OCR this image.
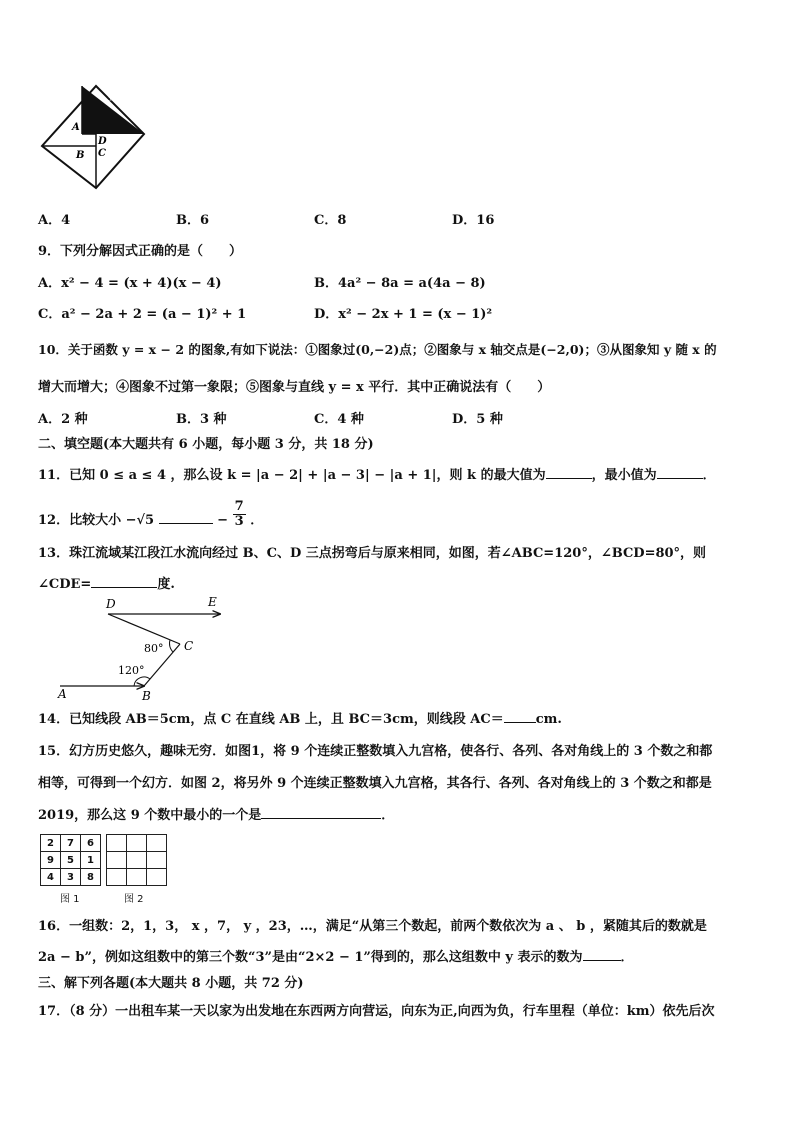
笠(c)
A
D
B C
A．4	B．6	C．8	D．16
9．下列分解因式正确的是（　　）
A．x² − 4 = (x + 4)(x − 4)	B．4a² − 8a = a(4a − 8)
C．a² − 2a + 2 = (a − 1)² + 1	D．x² − 2x + 1 = (x − 1)²
10．关于函数 y = x − 2 的图象,有如下说法：①图象过(0,−2)点；②图象与 x 轴交点是(−2,0)；③从图象知 y 随 x 的
增大而增大；④图象不过第一象限；⑤图象与直线 y = x 平行．其中正确说法有（　　）
A．2 种	B．3 种	C．4 种	D．5 种
二、填空题(本大题共有 6 小题，每小题 3 分，共 18 分)
11．已知 0 ≤ a ≤ 4 ，那么设 k = |a − 2| + |a − 3| − |a + 1|，则 k 的最大值为	，最小值为	．
12．比较大小 −√5	− $\frac{7}{3}$ ．
13．珠江流域某江段江水流向经过 B、C、D 三点拐弯后与原来相同，如图，若∠ABC=120°，∠BCD=80°，则
∠CDE=	度.
D	E
C
A	B
80°
120°
14．已知线段 AB＝5cm，点 C 在直线 AB 上，且 BC＝3cm，则线段 AC＝ cm.
15．幻方历史悠久，趣味无穷．如图1，将 9 个连续正整数填入九宫格，使各行、各列、各对角线上的 3 个数之和都
相等，可得到一个幻方．如图 2，将另外 9 个连续正整数填入九宫格，其各行、各列、各对角线上的 3 个数之和都是
2019，那么这 9 个数中最小的一个是	．
2	7	6
9	5	1
4	3	8

图 1	图 2
16．一组数：2，1，3， x ，7， y ，23，…，满足“从第三个数起，前两个数依次为 a 、 b ，紧随其后的数就是
2a − b”，例如这组数中的第三个数“3”是由“2×2 − 1”得到的，那么这组数中 y 表示的数为	．
三、解下列各题(本大题共 8 小题，共 72 分)
17．（8 分）一出租车某一天以家为出发地在东西两方向营运，向东为正,向西为负，行车里程（单位：km）依先后次
